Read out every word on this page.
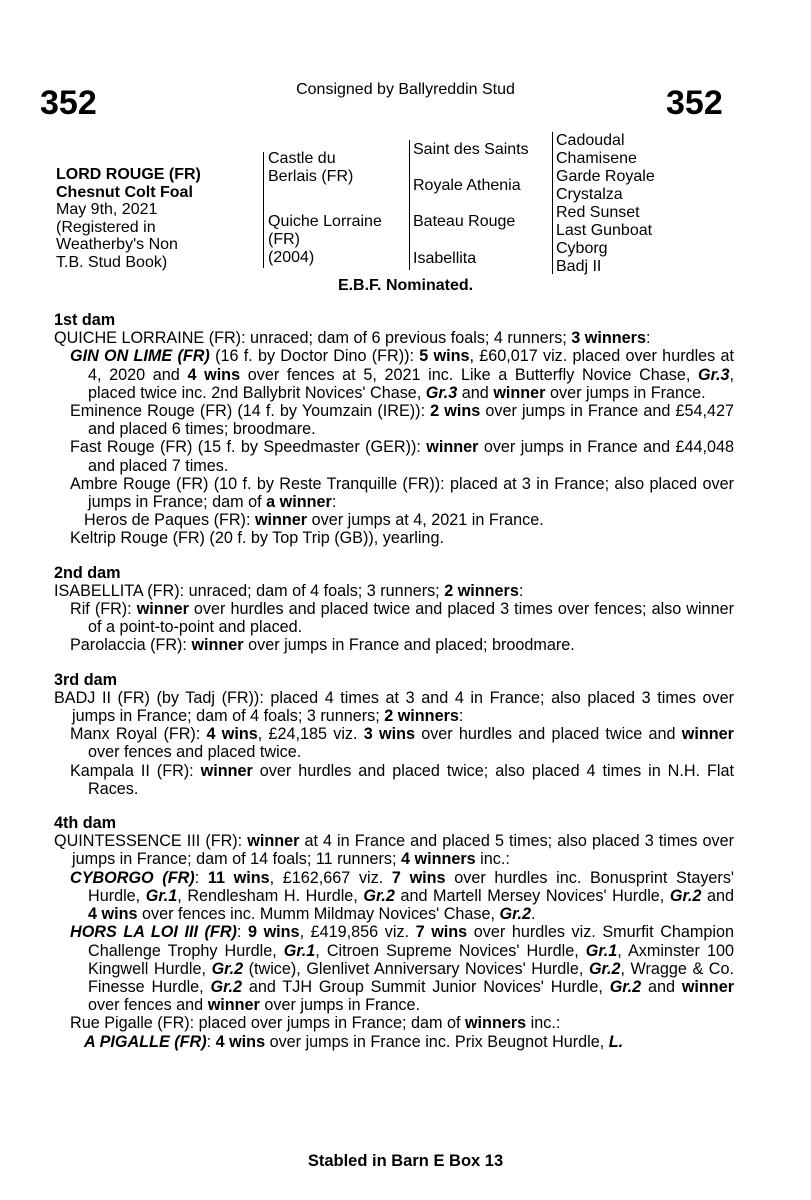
352	Consigned by Ballyreddin Stud	352
LORD ROUGE (FR)
Chesnut Colt Foal
May 9th, 2021
(Registered in
Weatherby's Non
T.B. Stud Book)
Castle du
Berlais (FR)
Quiche Lorraine
(FR)
(2004)
Saint des Saints
Royale Athenia
Bateau Rouge
Isabellita
Cadoudal
Chamisene
Garde Royale
Crystalza
Red Sunset
Last Gunboat
Cyborg
Badj II
E.B.F. Nominated.
1st dam
QUICHE LORRAINE (FR): unraced; dam of 6 previous foals; 4 runners; 3 winners:
GIN ON LIME (FR) (16 f. by Doctor Dino (FR)): 5 wins, £60,017 viz. placed over hurdles at 4, 2020 and 4 wins over fences at 5, 2021 inc. Like a Butterfly Novice Chase, Gr.3, placed twice inc. 2nd Ballybrit Novices' Chase, Gr.3 and winner over jumps in France.
Eminence Rouge (FR) (14 f. by Youmzain (IRE)): 2 wins over jumps in France and £54,427 and placed 6 times; broodmare.
Fast Rouge (FR) (15 f. by Speedmaster (GER)): winner over jumps in France and £44,048 and placed 7 times.
Ambre Rouge (FR) (10 f. by Reste Tranquille (FR)): placed at 3 in France; also placed over jumps in France; dam of a winner:
Heros de Paques (FR): winner over jumps at 4, 2021 in France.
Keltrip Rouge (FR) (20 f. by Top Trip (GB)), yearling.
2nd dam
ISABELLITA (FR): unraced; dam of 4 foals; 3 runners; 2 winners:
Rif (FR): winner over hurdles and placed twice and placed 3 times over fences; also winner of a point-to-point and placed.
Parolaccia (FR): winner over jumps in France and placed; broodmare.
3rd dam
BADJ II (FR) (by Tadj (FR)): placed 4 times at 3 and 4 in France; also placed 3 times over jumps in France; dam of 4 foals; 3 runners; 2 winners:
Manx Royal (FR): 4 wins, £24,185 viz. 3 wins over hurdles and placed twice and winner over fences and placed twice.
Kampala II (FR): winner over hurdles and placed twice; also placed 4 times in N.H. Flat Races.
4th dam
QUINTESSENCE III (FR): winner at 4 in France and placed 5 times; also placed 3 times over jumps in France; dam of 14 foals; 11 runners; 4 winners inc.:
CYBORGO (FR): 11 wins, £162,667 viz. 7 wins over hurdles inc. Bonusprint Stayers' Hurdle, Gr.1, Rendlesham H. Hurdle, Gr.2 and Martell Mersey Novices' Hurdle, Gr.2 and 4 wins over fences inc. Mumm Mildmay Novices' Chase, Gr.2.
HORS LA LOI III (FR): 9 wins, £419,856 viz. 7 wins over hurdles viz. Smurfit Champion Challenge Trophy Hurdle, Gr.1, Citroen Supreme Novices' Hurdle, Gr.1, Axminster 100 Kingwell Hurdle, Gr.2 (twice), Glenlivet Anniversary Novices' Hurdle, Gr.2, Wragge & Co. Finesse Hurdle, Gr.2 and TJH Group Summit Junior Novices' Hurdle, Gr.2 and winner over fences and winner over jumps in France.
Rue Pigalle (FR): placed over jumps in France; dam of winners inc.:
A PIGALLE (FR): 4 wins over jumps in France inc. Prix Beugnot Hurdle, L.
Stabled in Barn E Box 13
